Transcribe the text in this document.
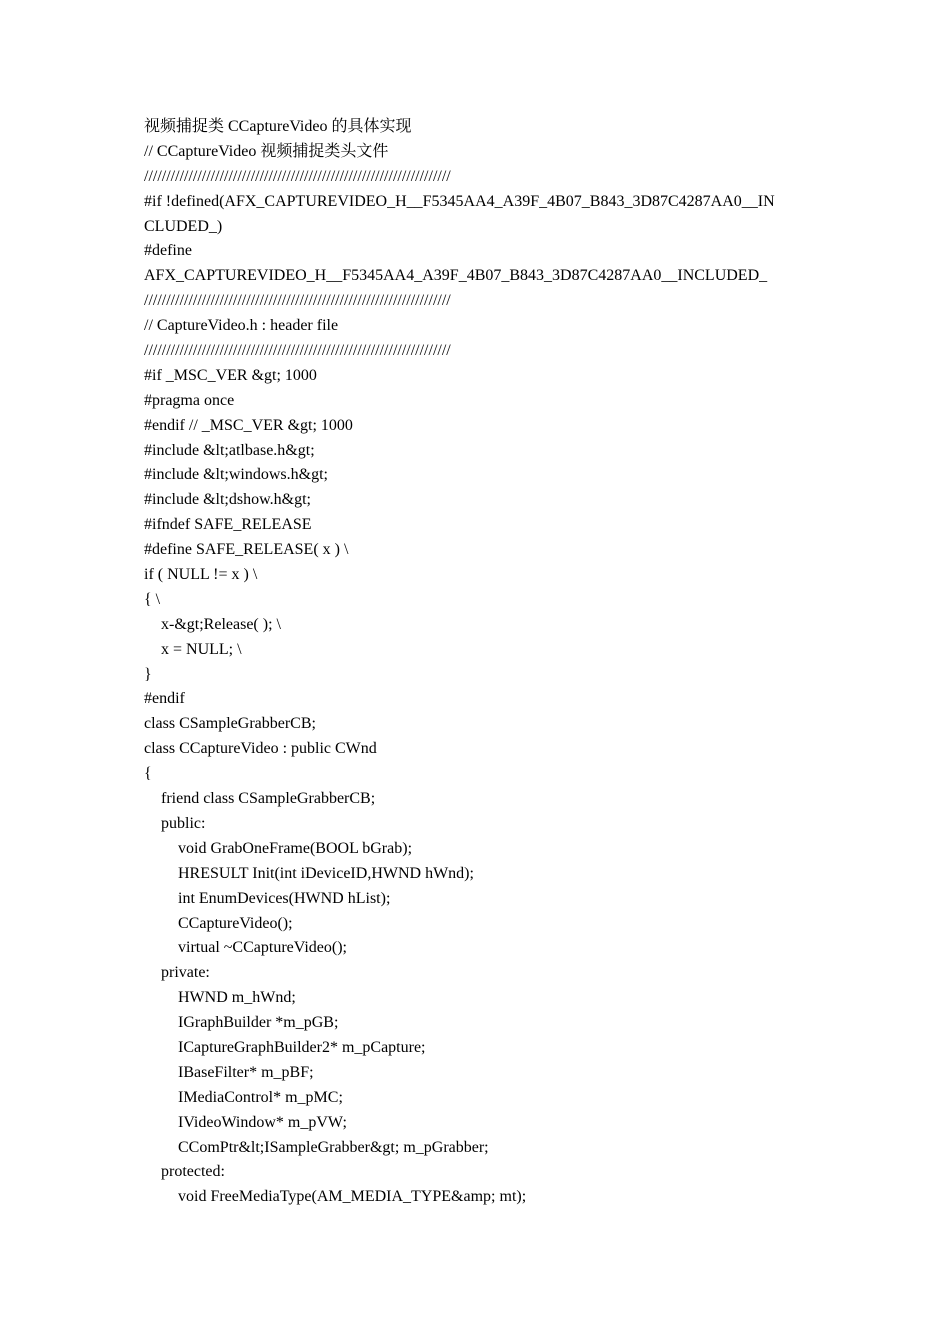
视频捕捉类 CCaptureVideo 的具体实现
// CCaptureVideo 视频捕捉类头文件
/////////////////////////////////////////////////////////////////////
#if !defined(AFX_CAPTUREVIDEO_H__F5345AA4_A39F_4B07_B843_3D87C4287AA0__IN
CLUDED_)
#define
AFX_CAPTUREVIDEO_H__F5345AA4_A39F_4B07_B843_3D87C4287AA0__INCLUDED_
/////////////////////////////////////////////////////////////////////
// CaptureVideo.h : header file
/////////////////////////////////////////////////////////////////////
#if _MSC_VER &gt; 1000
#pragma once
#endif // _MSC_VER &gt; 1000
#include &lt;atlbase.h&gt;
#include &lt;windows.h&gt;
#include &lt;dshow.h&gt;
#ifndef SAFE_RELEASE
#define SAFE_RELEASE( x ) \
if ( NULL != x ) \
{ \
x-&gt;Release( ); \
x = NULL; \
}
#endif
class CSampleGrabberCB;
class CCaptureVideo : public CWnd
{
friend class CSampleGrabberCB;
public:
void GrabOneFrame(BOOL bGrab);
HRESULT Init(int iDeviceID,HWND hWnd);
int EnumDevices(HWND hList);
CCaptureVideo();
virtual ~CCaptureVideo();
private:
HWND m_hWnd;
IGraphBuilder *m_pGB;
ICaptureGraphBuilder2* m_pCapture;
IBaseFilter* m_pBF;
IMediaControl* m_pMC;
IVideoWindow* m_pVW;
CComPtr&lt;ISampleGrabber&gt; m_pGrabber;
protected:
void FreeMediaType(AM_MEDIA_TYPE&amp; mt);
